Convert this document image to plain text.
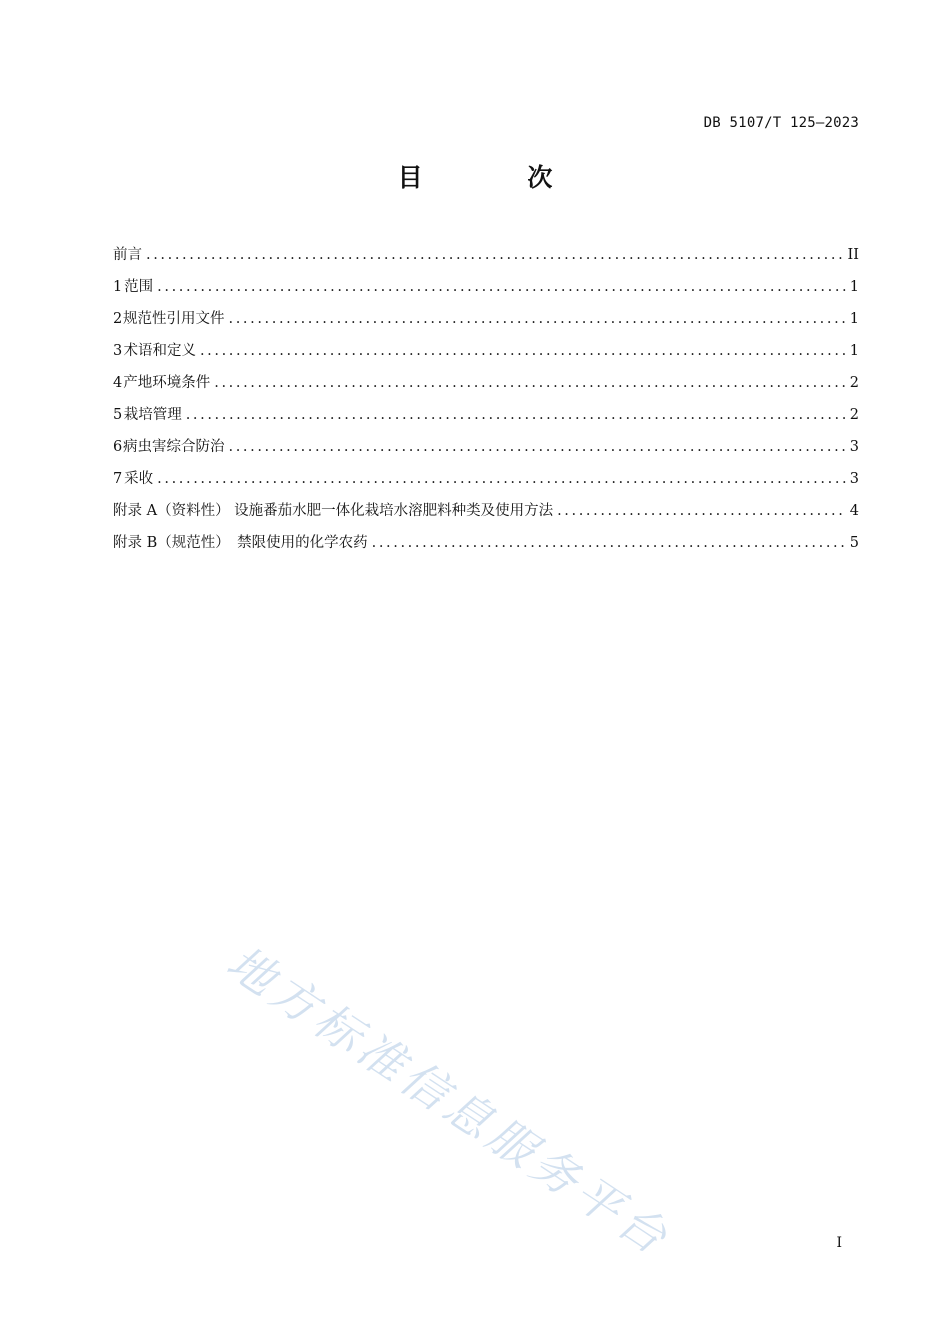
DB 5107/T 125—2023
目 次
前言 .....	II
1 范围 .....	1
2 规范性引用文件 .....	1
3 术语和定义 .....	1
4 产地环境条件 .....	2
5 栽培管理 .....	2
6 病虫害综合防治 .....	3
7 采收 .....	3
附录 A（资料性） 设施番茄水肥一体化栽培水溶肥料种类及使用方法 .....	4
附录 B（规范性） 禁限使用的化学农药 .....	5
地方标准信息服务平台	I
